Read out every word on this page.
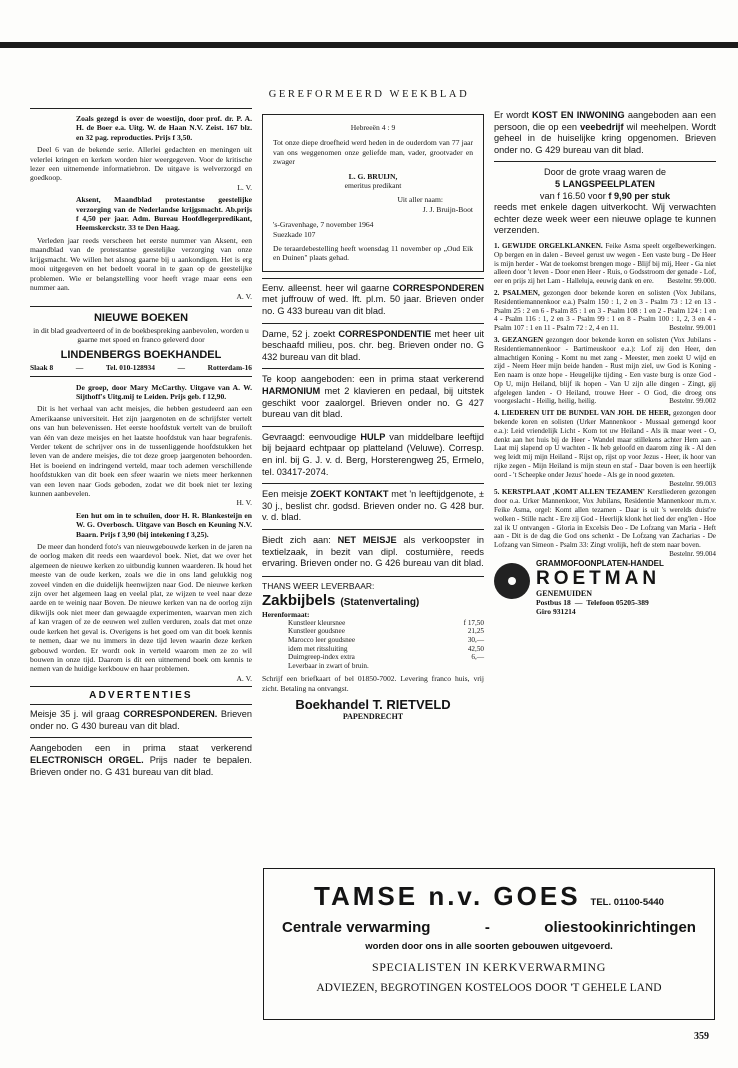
GEREFORMEERD WEEKBLAD

Zoals gezegd is over de woestijn, door prof. dr. P. A. H. de Boer e.a. Uitg. W. de Haan N.V. Zeist. 167 blz. en 32 pag. reproducties. Prijs f 3,50.

Deel 6 van de bekende serie. Allerlei gedachten en meningen uit velerlei kringen en kerken worden hier weergegeven. Voor de kritische lezer een uitnemende informatiebron. De uitgave is welverzorgd en goedkoop.

L. V.

Aksent, Maandblad protestantse geestelijke verzorging van de Nederlandse krijgsmacht. Ab.prijs f 4,50 per jaar. Adm. Bureau Hoofdlegerpredikant, Heemskerckstr. 33 te Den Haag.

Verleden jaar reeds verscheen het eerste nummer van Aksent, een maandblad van de protestantse geestelijke verzorging van onze krijgsmacht. We willen het alsnog gaarne bij u aankondigen. Het is erg mooi uitgegeven en het bedoelt vooral in te gaan op de geestelijke problemen. Wie er belangstelling voor heeft vrage maar eens een nummer aan.

A. V.

NIEUWE BOEKEN

in dit blad geadverteerd of in de boekbespreking aanbevolen, worden u gaarne met spoed en franco geleverd door

LINDENBERGS BOEKHANDEL
Slaak 8	—	Tel. 010-128934	—	Rotterdam-16

De groep, door Mary McCarthy. Uitgave van A. W. Sijthoff's Uitg.mij te Leiden. Prijs geb. f 12,90.

Dit is het verhaal van acht meisjes, die hebben gestudeerd aan een Amerikaanse universiteit. Het zijn jaargenoten en de schrijfster vertelt ons van hun belevenissen. Het eerste hoofdstuk vertelt van de bruiloft van één van deze meisjes en het laatste hoofdstuk van haar begrafenis. Verder tekent de schrijver ons in de tussenliggende hoofdstukken het leven van de andere meisjes, die tot deze groep jaargenoten behoorden. Het is boeiend en indringend verteld, maar toch ademen verschillende hoofdstukken van dit boek een sfeer waarin we niets meer herkennen van een leven naar Gods geboden, zodat we dit boek niet ter lezing kunnen aanbevelen.

H. V.

Een hut om in te schuilen, door H. R. Blankesteijn en W. G. Overbosch. Uitgave van Bosch en Keuning N.V. Baarn. Prijs f 3,90 (bij intekening f 3,25).

De meer dan honderd foto's van nieuwgebouwde kerken in de jaren na de oorlog maken dit reeds een waardevol boek. Niet, dat we over het algemeen de nieuwe kerken zo uitbundig kunnen waarderen. Ik houd het meeste van de oude kerken, zoals we die in ons land gelukkig nog zoveel vinden en die duidelijk heenwijzen naar God. De nieuwe kerken zijn over het algemeen laag en veelal plat, ze wijzen te veel naar deze aarde en te weinig naar Boven. De nieuwe kerken van na de oorlog zijn dikwijls ook niet meer dan gewaagde experimenten, waarvan men zich af kan vragen of ze de eeuwen wel zullen verduren, zoals dat met onze oude kerken het geval is. Overigens is het goed om van dit boek kennis te nemen, daar we nu immers in deze tijd leven waarin deze kerken gebouwd worden. Er wordt ook in verteld waarom men ze zo wil bouwen in onze tijd. Daarom is dit een uitnemend boek om kennis te nemen van de huidige kerkbouw en haar problemen.

A. V.

ADVERTENTIES

Meisje 35 j. wil graag CORRESPONDEREN. Brieven onder no. G 430 bureau van dit blad.

Aangeboden een in prima staat verkerend ELECTRONISCH ORGEL. Prijs nader te bepalen. Brieven onder no. G 431 bureau van dit blad.

Hebreeën 4 : 9

Tot onze diepe droefheid werd heden in de ouderdom van 77 jaar van ons weggenomen onze geliefde man, vader, grootvader en zwager

L. G. BRUIJN,

emeritus predikant

Uit aller naam:

J. J. Bruijn-Boot

's-Gravenhage, 7 november 1964

Suezkade 107

De teraardebestelling heeft woensdag 11 november op „Oud Eik en Duinen" plaats gehad.

Eenv. alleenst. heer wil gaarne CORRESPONDEREN met juffrouw of wed. lft. pl.m. 50 jaar. Brieven onder no. G 433 bureau van dit blad.

Dame, 52 j. zoekt CORRESPONDENTIE met heer uit beschaafd milieu, pos. chr. beg. Brieven onder no. G 432 bureau van dit blad.

Te koop aangeboden: een in prima staat verkerend HARMONIUM met 2 klavieren en pedaal, bij uitstek geschikt voor zaalorgel. Brieven onder no. G 427 bureau van dit blad.

Gevraagd: eenvoudige HULP van middelbare leeftijd bij bejaard echtpaar op platteland (Veluwe). Corresp. en inl. bij G. J. v. d. Berg, Horsterengweg 25, Ermelo, tel. 03417-2074.

Een meisje ZOEKT KONTAKT met 'n leeftijdgenote, ± 30 j., beslist chr. godsd. Brieven onder no. G 428 bur. v. d. blad.

Biedt zich aan: NET MEISJE als verkoopster in textielzaak, in bezit van dipl. costumière, reeds ervaring. Brieven onder no. G 426 bureau van dit blad.

THANS WEER LEVERBAAR:
Zakbijbels (Statenvertaling)
Herenformaat:
Kunstleer kleursnee	f 17,50
Kunstleer goudsnee	21,25
Marocco leer goudsnee	30,—
idem met ritssluiting	42,50
Duimgreep-index extra	6,—
Leverbaar in zwart of bruin.	

Schrijf een briefkaart of bel 01850-7002. Levering franco huis, vrij zicht. Betaling na ontvangst.

Boekhandel T. RIETVELD
PAPENDRECHT

Er wordt KOST EN INWONING aangeboden aan een persoon, die op een veebedrijf wil meehelpen. Wordt geheel in de huiselijke kring opgenomen. Brieven onder no. G 429 bureau van dit blad.

Door de grote vraag waren de
5 LANGSPEELPLATEN
van f 16.50 voor f 9,90 per stuk

reeds met enkele dagen uitverkocht. Wij verwachten echter deze week weer een nieuwe oplage te kunnen verzenden.

1. GEWIJDE ORGELKLANKEN. Feike Asma speelt orgelbewerkingen. Op bergen en in dalen - Beveel gerust uw wegen - Een vaste burg - De Heer is mijn herder - Wat de toekomst brengen moge - Blijf bij mij, Heer - Ga niet alleen door 't leven - Door enen Heer - Ruis, o Godsstroom der genade - Lof, eer en prijs zij het Lam - Halleluja, eeuwig dank en ere. Bestelnr. 99.000.

2. PSALMEN, gezongen door bekende koren en solisten (Vox Jubilans, Residentiemannenkoor e.a.) Psalm 150 : 1, 2 en 3 - Psalm 73 : 12 en 13 - Psalm 25 : 2 en 6 - Psalm 85 : 1 en 3 - Psalm 108 : 1 en 2 - Psalm 124 : 1 en 4 - Psalm 116 : 1, 2 en 3 - Psalm 99 : 1 en 8 - Psalm 100 : 1, 2, 3 en 4 - Psalm 107 : 1 en 11 - Psalm 72 : 2, 4 en 11.	Bestelnr. 99.001

3. GEZANGEN gezongen door bekende koren en solisten (Vox Jubilans - Residentiemannenkoor - Bartimeuskoor e.a.): Lof zij den Heer, den almachtigen Koning - Komt nu met zang - Meester, men zoekt U wijd en zijd - Neem Heer mijn beide handen - Rust mijn ziel, uw God is Koning - Een naam is onze hope - Heugelijke tijding - Een vaste burg is onze God - Op U, mijn Heiland, blijf ik hopen - Van U zijn alle dingen - Zingt, gij afgelegen landen - O Heiland, trouwe Heer - O God, die droeg ons voorgeslacht - Heilig, heilig, heilig.	Bestelnr. 99.002

4. LIEDEREN UIT DE BUNDEL VAN JOH. DE HEER, gezongen door bekende koren en solisten (Urker Mannenkoor - Mussaal gemengd koor e.a.): Leid vriendelijk Licht - Kom tot uw Heiland - Als ik maar weet - O, denkt aan het huis bij de Heer - Wandel maar stillekens achter Hem aan - Laat mij slapend op U wachten - Ik heb geloofd en daarom zing ik - Al den weg leidt mij mijn Heiland - Rijst op, rijst op voor Jezus - Heer, ik hoor van rijke zegen - Mijn Heiland is mijn steun en staf - Daar boven is een heerlijk oord - 't Scheepke onder Jezus' hoede - Als ge in nood gezeten.
Bestelnr. 99.003

5. KERSTPLAAT ‚KOMT ALLEN TEZAMEN' Kerstliederen gezongen door o.a. Urker Mannenkoor, Vox Jubilans, Residentie Mannenkoor m.m.v. Feike Asma, orgel: Komt allen tezamen - Daar is uit 's werelds duist're wolken - Stille nacht - Ere zij God - Heerlijk klonk het lied der eng'len - Hoe zal ik U ontvangen - Gloria in Excelsis Deo - De Lofzang van Maria - Heft aan - Dit is de dag die God ons schenkt - De Lofzang van Zacharias - De Lofzang van Simeon - Psalm 33: Zingt vrolijk, heft de stem naar boven.
Bestelnr. 99.004

GRAMMOFOONPLATEN-HANDEL
ROETMAN
GENEMUIDEN
Postbus 18 — Telefoon 05205-389
Giro 931214
TAMSE n.v. GOES TEL. 01100-5440
Centrale verwarming	-	oliestookinrichtingen
worden door ons in alle soorten gebouwen uitgevoerd.
SPECIALISTEN IN KERKVERWARMING
ADVIEZEN, BEGROTINGEN KOSTELOOS DOOR 'T GEHELE LAND
359
